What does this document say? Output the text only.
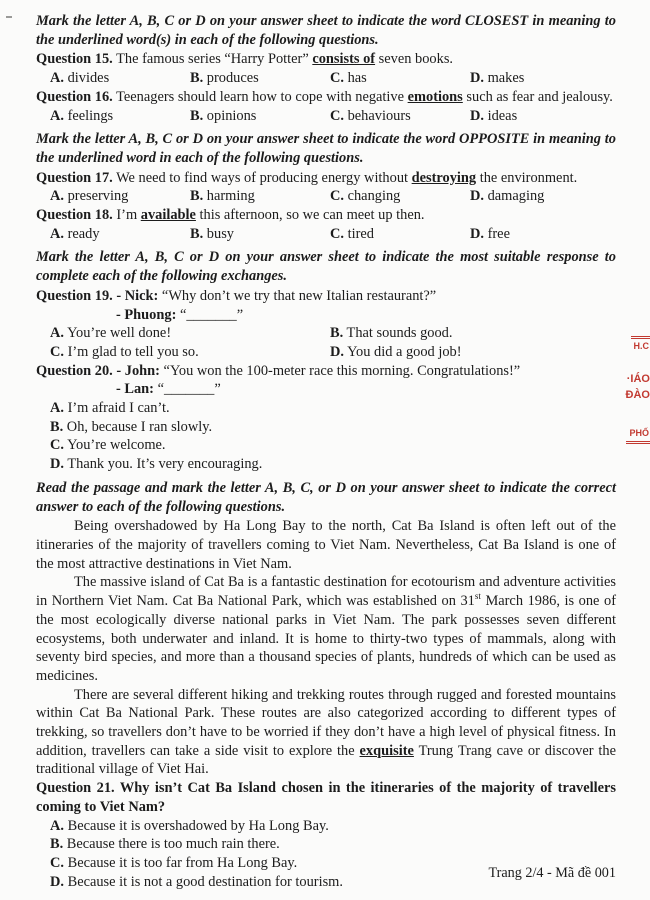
Mark the letter A, B, C or D on your answer sheet to indicate the word CLOSEST in meaning to the underlined word(s) in each of the following questions.

Question 15. The famous series “Harry Potter” consists of seven books.

A. divides	B. produces	C. has	D. makes

Question 16. Teenagers should learn how to cope with negative emotions such as fear and jealousy.

A. feelings	B. opinions	C. behaviours	D. ideas

Mark the letter A, B, C or D on your answer sheet to indicate the word OPPOSITE in meaning to the underlined word in each of the following questions.

Question 17. We need to find ways of producing energy without destroying the environment.

A. preserving	B. harming	C. changing	D. damaging

Question 18. I’m available this afternoon, so we can meet up then.

A. ready	B. busy	C. tired	D. free

Mark the letter A, B, C or D on your answer sheet to indicate the most suitable response to complete each of the following exchanges.

Question 19. - Nick: “Why don’t we try that new Italian restaurant?”

- Phuong: “_______”
A. You’re well done!	B. That sounds good.
C. I’m glad to tell you so.	D. You did a good job!

Question 20. - John: “You won the 100-meter race this morning. Congratulations!”

- Lan: “_______”
A. I’m afraid I can’t.
B. Oh, because I ran slowly.
C. You’re welcome.
D. Thank you. It’s very encouraging.

Read the passage and mark the letter A, B, C, or D on your answer sheet to indicate the correct answer to each of the following questions.

Being overshadowed by Ha Long Bay to the north, Cat Ba Island is often left out of the itineraries of the majority of travellers coming to Viet Nam. Nevertheless, Cat Ba Island is one of the most attractive destinations in Viet Nam.

The massive island of Cat Ba is a fantastic destination for ecotourism and adventure activities in Northern Viet Nam. Cat Ba National Park, which was established on 31st March 1986, is one of the most ecologically diverse national parks in Viet Nam. The park possesses seven different ecosystems, both underwater and inland. It is home to thirty-two types of mammals, along with seventy bird species, and more than a thousand species of plants, hundreds of which can be used as medicines.

There are several different hiking and trekking routes through rugged and forested mountains within Cat Ba National Park. These routes are also categorized according to different types of trekking, so travellers don’t have to be worried if they don’t have a high level of physical fitness. In addition, travellers can take a side visit to explore the exquisite Trung Trang cave or discover the traditional village of Viet Hai.

Question 21. Why isn’t Cat Ba Island chosen in the itineraries of the majority of travellers coming to Viet Nam?

A. Because it is overshadowed by Ha Long Bay.
B. Because there is too much rain there.
C. Because it is too far from Ha Long Bay.
D. Because it is not a good destination for tourism.
Trang 2/4 - Mã đề 001
H.C
·IÁO
ĐÀO
PHỐ
